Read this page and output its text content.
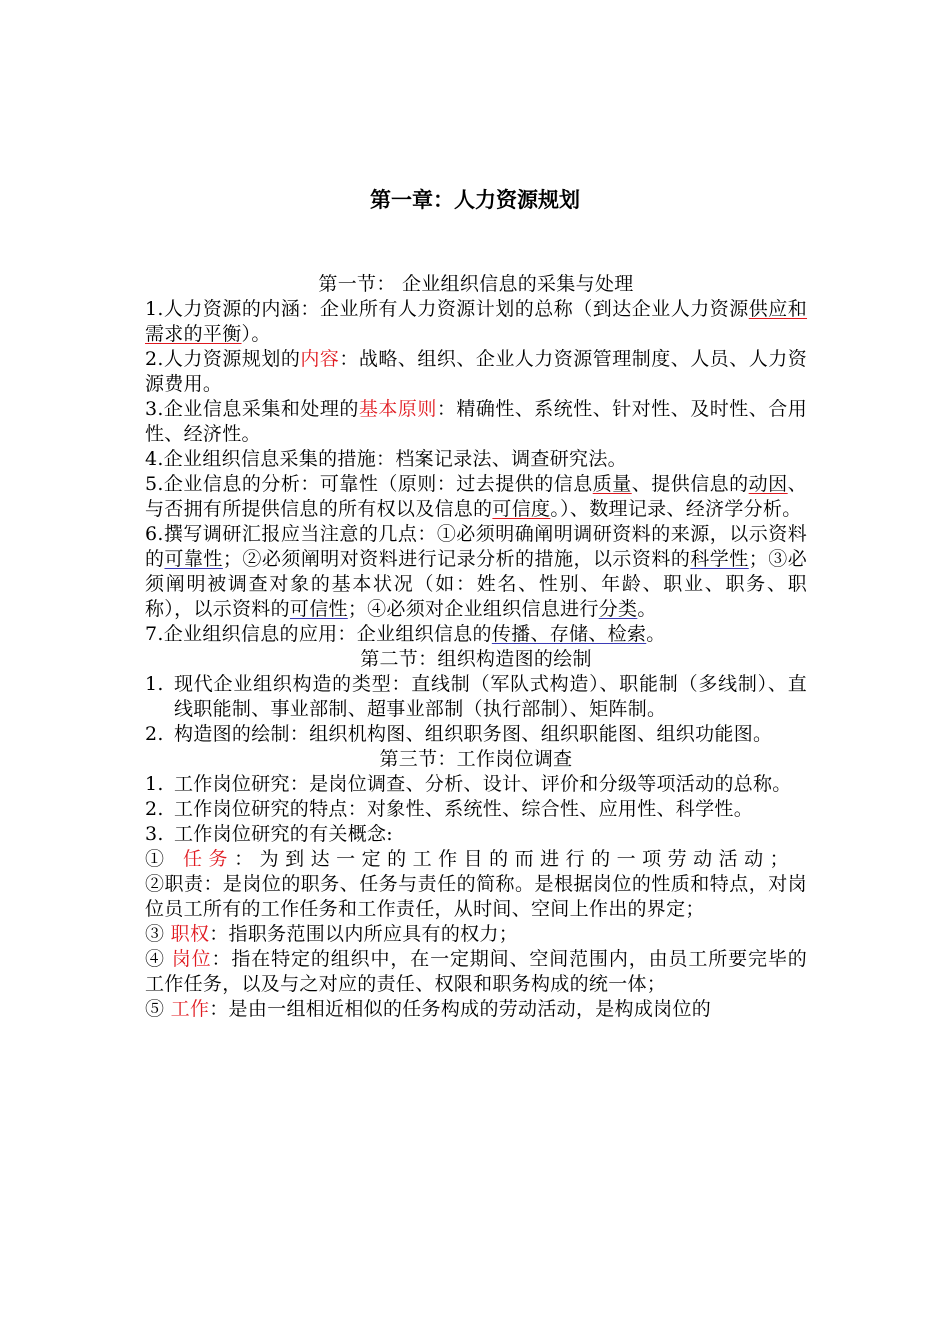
第一章：人力资源规划

第一节： 企业组织信息的采集与处理

1.人力资源的内涵：企业所有人力资源计划的总称（到达企业人力资源供应和需求的平衡）。

2.人力资源规划的内容：战略、组织、企业人力资源管理制度、人员、人力资源费用。

3.企业信息采集和处理的基本原则：精确性、系统性、针对性、及时性、合用性、经济性。

4.企业组织信息采集的措施：档案记录法、调查研究法。

5.企业信息的分析：可靠性（原则：过去提供的信息质量、提供信息的动因、与否拥有所提供信息的所有权以及信息的可信度。）、数理记录、经济学分析。

6.撰写调研汇报应当注意的几点：①必须明确阐明调研资料的来源，以示资料的可靠性；②必须阐明对资料进行记录分析的措施，以示资料的科学性；③必须阐明被调查对象的基本状况（如：姓名、性别、年龄、职业、职务、职称），以示资料的可信性；④必须对企业组织信息进行分类。

7.企业组织信息的应用：企业组织信息的传播、存储、检索。

第二节：组织构造图的绘制

1. 现代企业组织构造的类型：直线制（军队式构造）、职能制（多线制）、直线职能制、事业部制、超事业部制（执行部制）、矩阵制。
2. 构造图的绘制：组织机构图、组织职务图、组织职能图、组织功能图。

第三节：工作岗位调查

1. 工作岗位研究：是岗位调查、分析、设计、评价和分级等项活动的总称。
2. 工作岗位研究的特点：对象性、系统性、综合性、应用性、科学性。
3. 工作岗位研究的有关概念:

① 任务：为到达一定的工作目的而进行的一项劳动活动；

②职责：是岗位的职务、任务与责任的简称。是根据岗位的性质和特点，对岗位员工所有的工作任务和工作责任，从时间、空间上作出的界定；

③ 职权：指职务范围以内所应具有的权力；

④ 岗位：指在特定的组织中，在一定期间、空间范围内，由员工所要完毕的工作任务，以及与之对应的责任、权限和职务构成的统一体；

⑤ 工作：是由一组相近相似的任务构成的劳动活动，是构成岗位的
